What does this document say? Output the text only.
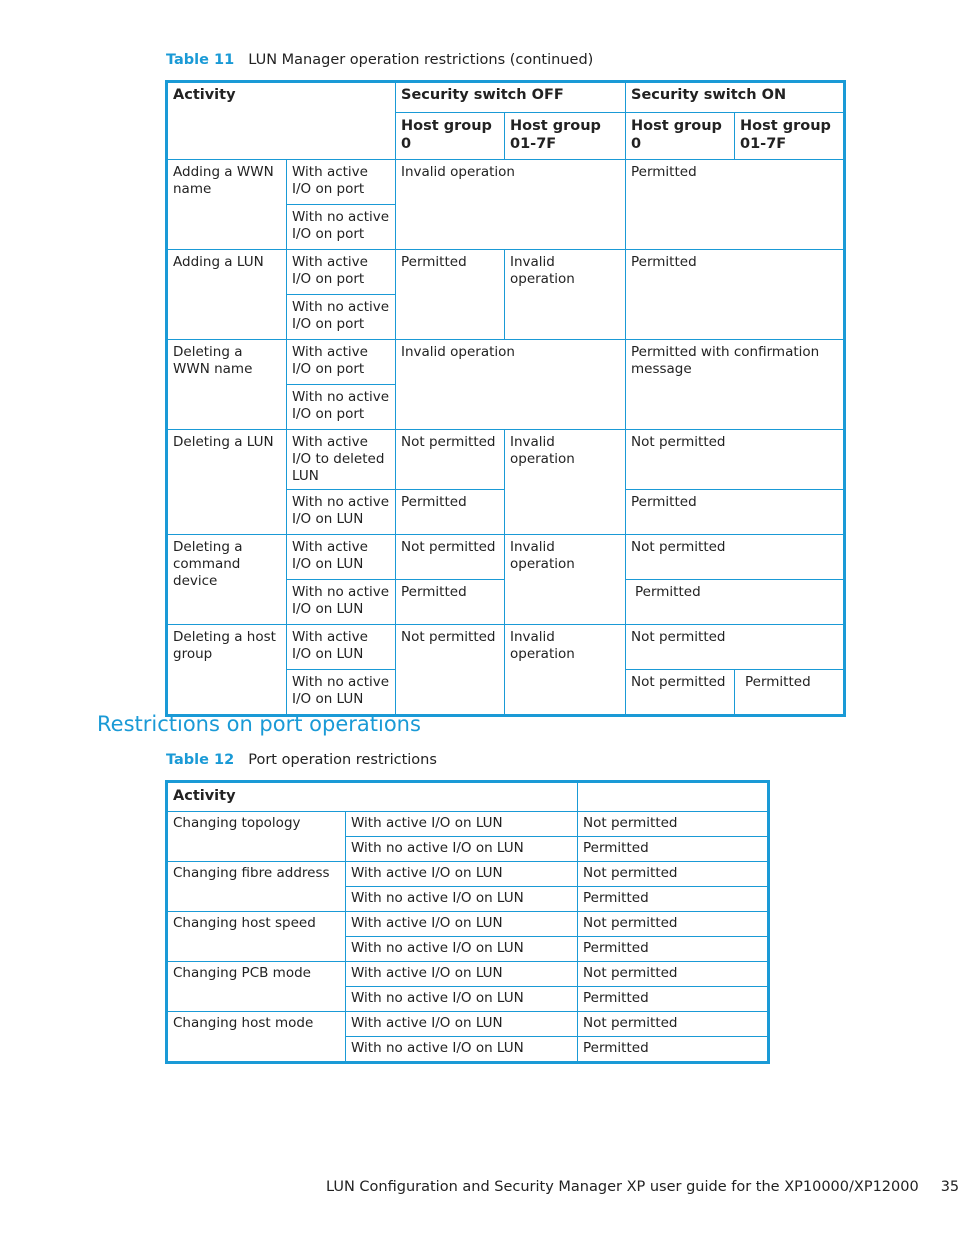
Table 11 LUN Manager operation restrictions (continued)
Activity		Security switch OFF		Security switch ON	
		Host group 0	Host group 01-7F	Host group 0	Host group 01-7F
Adding a WWN name	With active I/O on port	Invalid operation		Permitted	
	With no active I/O on port				
Adding a LUN	With active I/O on port	Permitted	Invalid operation	Permitted	
	With no active I/O on port				
Deleting a WWN name	With active I/O on port	Invalid operation		Permitted with confirmation message	
	With no active I/O on port				
Deleting a LUN	With active I/O to deleted LUN	Not permitted	Invalid operation	Not permitted	
	With no active I/O on LUN	Permitted		Permitted	
Deleting a command device	With active I/O on LUN	Not permitted	Invalid operation	Not permitted	
	With no active I/O on LUN	Permitted		Permitted	
Deleting a host group	With active I/O on LUN	Not permitted	Invalid operation	Not permitted	
	With no active I/O on LUN			Not permitted	Permitted
Restrictions on port operations
Table 12 Port operation restrictions
Activity		
Changing topology	With active I/O on LUN	Not permitted
	With no active I/O on LUN	Permitted
Changing fibre address	With active I/O on LUN	Not permitted
	With no active I/O on LUN	Permitted
Changing host speed	With active I/O on LUN	Not permitted
	With no active I/O on LUN	Permitted
Changing PCB mode	With active I/O on LUN	Not permitted
	With no active I/O on LUN	Permitted
Changing host mode	With active I/O on LUN	Not permitted
	With no active I/O on LUN	Permitted
LUN Configuration and Security Manager XP user guide for the XP10000/XP12000 35
